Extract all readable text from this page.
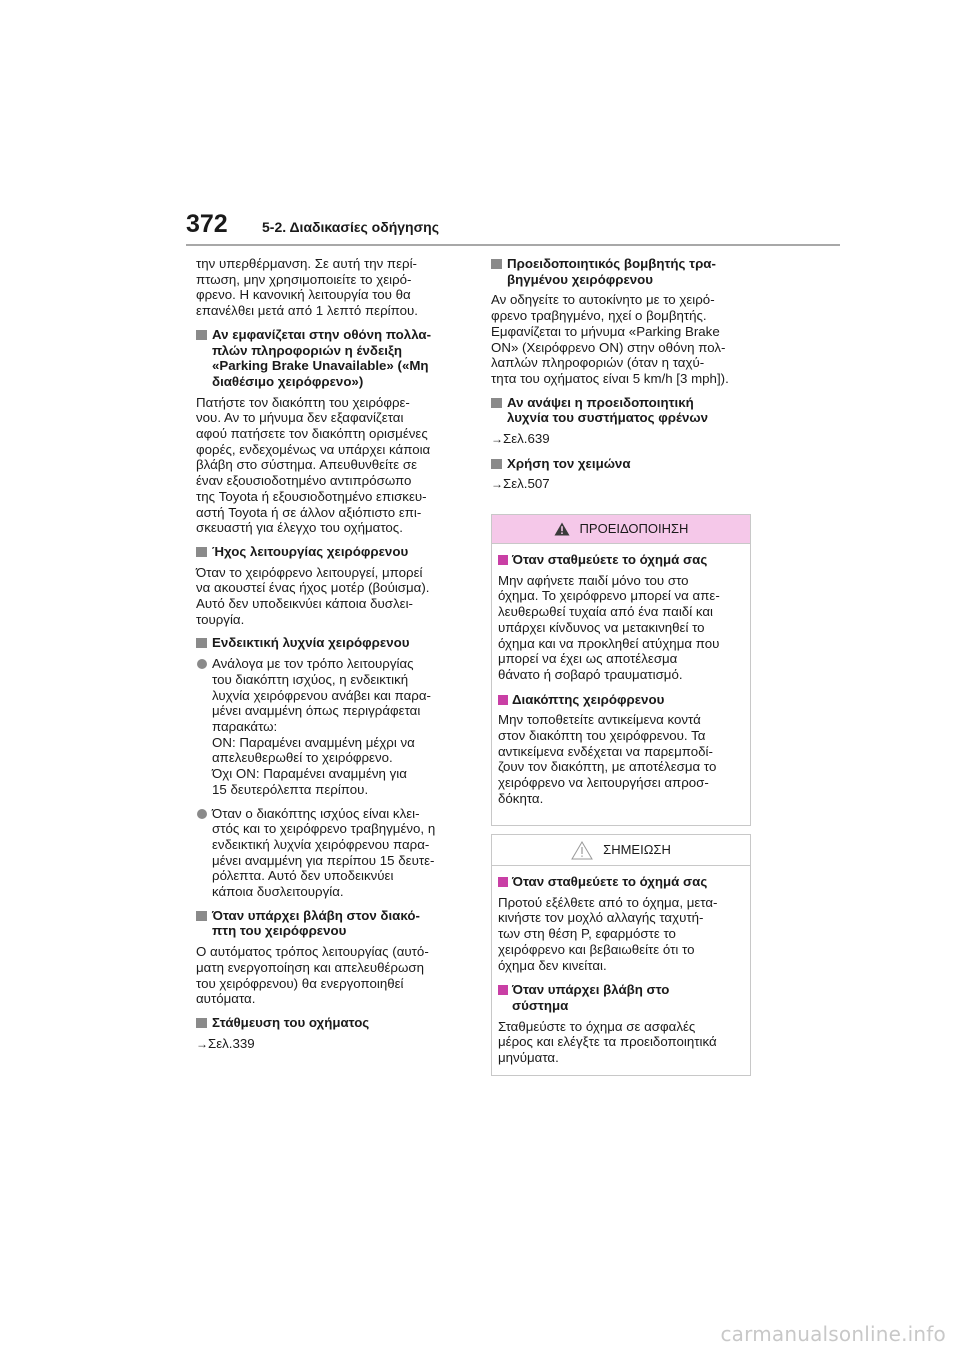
372 5-2. Διαδικασίες οδήγησης

την υπερθέρμανση. Σε αυτή την περί-
πτωση, μην χρησιμοποιείτε το χειρό-
φρενο. Η κανονική λειτουργία του θα
επανέλθει μετά από 1 λεπτό περίπου.

Αν εμφανίζεται στην οθόνη πολλα-
πλών πληροφοριών η ένδειξη
«Parking Brake Unavailable» («Μη
διαθέσιμο χειρόφρενο»)

Πατήστε τον διακόπτη του χειρόφρε-
νου. Αν το μήνυμα δεν εξαφανίζεται
αφού πατήσετε τον διακόπτη ορισμένες
φορές, ενδεχομένως να υπάρχει κάποια
βλάβη στο σύστημα. Απευθυνθείτε σε
έναν εξουσιοδοτημένο αντιπρόσωπο
της Toyota ή εξουσιοδοτημένο επισκευ-
αστή Toyota ή σε άλλον αξιόπιστο επι-
σκευαστή για έλεγχο του οχήματος.

Ήχος λειτουργίας χειρόφρενου

Όταν το χειρόφρενο λειτουργεί, μπορεί
να ακουστεί ένας ήχος μοτέρ (βούισμα).
Αυτό δεν υποδεικνύει κάποια δυσλει-
τουργία.

Ενδεικτική λυχνία χειρόφρενου
Ανάλογα με τον τρόπο λειτουργίας
του διακόπτη ισχύος, η ενδεικτική
λυχνία χειρόφρενου ανάβει και παρα-
μένει αναμμένη όπως περιγράφεται
παρακάτω:
ON: Παραμένει αναμμένη μέχρι να
απελευθερωθεί το χειρόφρενο.
Όχι ON: Παραμένει αναμμένη για
15 δευτερόλεπτα περίπου.
Όταν ο διακόπτης ισχύος είναι κλει-
στός και το χειρόφρενο τραβηγμένο, η
ενδεικτική λυχνία χειρόφρενου παρα-
μένει αναμμένη για περίπου 15 δευτε-
ρόλεπτα. Αυτό δεν υποδεικνύει
κάποια δυσλειτουργία.
Όταν υπάρχει βλάβη στον διακό-
πτη του χειρόφρενου

Ο αυτόματος τρόπος λειτουργίας (αυτό-
ματη ενεργοποίηση και απελευθέρωση
του χειρόφρενου) θα ενεργοποιηθεί
αυτόματα.

Στάθμευση του οχήματος

→Σελ.339

Προειδοποιητικός βομβητής τρα-
βηγμένου χειρόφρενου

Αν οδηγείτε το αυτοκίνητο με το χειρό-
φρενο τραβηγμένο, ηχεί ο βομβητής.
Εμφανίζεται το μήνυμα «Parking Brake
ON» (Χειρόφρενο ON) στην οθόνη πολ-
λαπλών πληροφοριών (όταν η ταχύ-
τητα του οχήματος είναι 5 km/h [3 mph]).

Αν ανάψει η προειδοποιητική
λυχνία του συστήματος φρένων

→Σελ.639

Χρήση τον χειμώνα

→Σελ.507

ΠΡΟΕΙΔΟΠΟΙΗΣΗ
Όταν σταθμεύετε το όχημά σας

Μην αφήνετε παιδί μόνο του στο
όχημα. Το χειρόφρενο μπορεί να απε-
λευθερωθεί τυχαία από ένα παιδί και
υπάρχει κίνδυνος να μετακινηθεί το
όχημα και να προκληθεί ατύχημα που
μπορεί να έχει ως αποτέλεσμα
θάνατο ή σοβαρό τραυματισμό.

Διακόπτης χειρόφρενου

Μην τοποθετείτε αντικείμενα κοντά
στον διακόπτη του χειρόφρενου. Τα
αντικείμενα ενδέχεται να παρεμποδί-
ζουν τον διακόπτη, με αποτέλεσμα το
χειρόφρενο να λειτουργήσει απροσ-
δόκητα.

ΣΗΜΕΙΩΣΗ
Όταν σταθμεύετε το όχημά σας

Προτού εξέλθετε από το όχημα, μετα-
κινήστε τον μοχλό αλλαγής ταχυτή-
των στη θέση P, εφαρμόστε το
χειρόφρενο και βεβαιωθείτε ότι το
όχημα δεν κινείται.

Όταν υπάρχει βλάβη στο
σύστημα

Σταθμεύστε το όχημα σε ασφαλές
μέρος και ελέγξτε τα προειδοποιητικά
μηνύματα.

carmanualsonline.info
